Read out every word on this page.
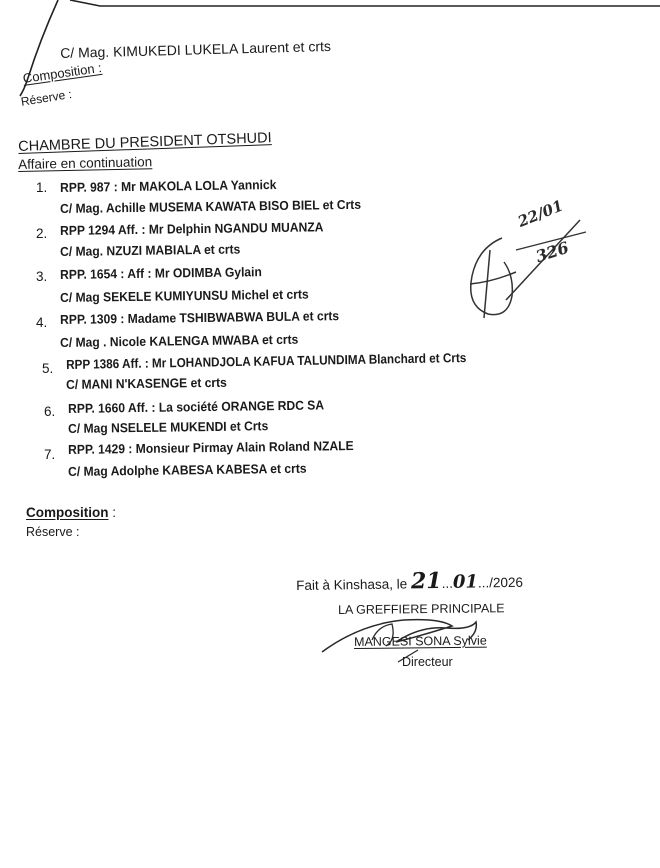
C/ Mag. KIMUKEDI LUKELA Laurent et crts
Composition :
Réserve :
CHAMBRE DU PRESIDENT OTSHUDI
Affaire en continuation
1. RPP. 987 : Mr MAKOLA LOLA Yannick
C/ Mag. Achille MUSEMA KAWATA BISO BIEL et Crts
2. RPP 1294 Aff. : Mr Delphin NGANDU MUANZA
C/ Mag. NZUZI MABIALA et crts
3. RPP. 1654 : Aff : Mr ODIMBA Gylain
C/ Mag SEKELE KUMIYUNSU Michel et crts
4. RPP. 1309 : Madame TSHIBWABWA BULA et crts
C/ Mag . Nicole KALENGA MWABA et crts
5. RPP 1386 Aff. : Mr LOHANDJOLA KAFUA TALUNDIMA Blanchard et Crts
C/ MANI N'KASENGE et crts
6. RPP. 1660 Aff. : La société ORANGE RDC SA
C/ Mag NSELELE MUKENDI et Crts
7. RPP. 1429 : Monsieur Pirmay Alain Roland NZALE
C/ Mag Adolphe KABESA KABESA et crts
Composition :
Réserve :
Fait à Kinshasa, le 21...01.../2026
LA GREFFIERE PRINCIPALE
MANGESI SONA Sylvie
Directeur
22/01
326
